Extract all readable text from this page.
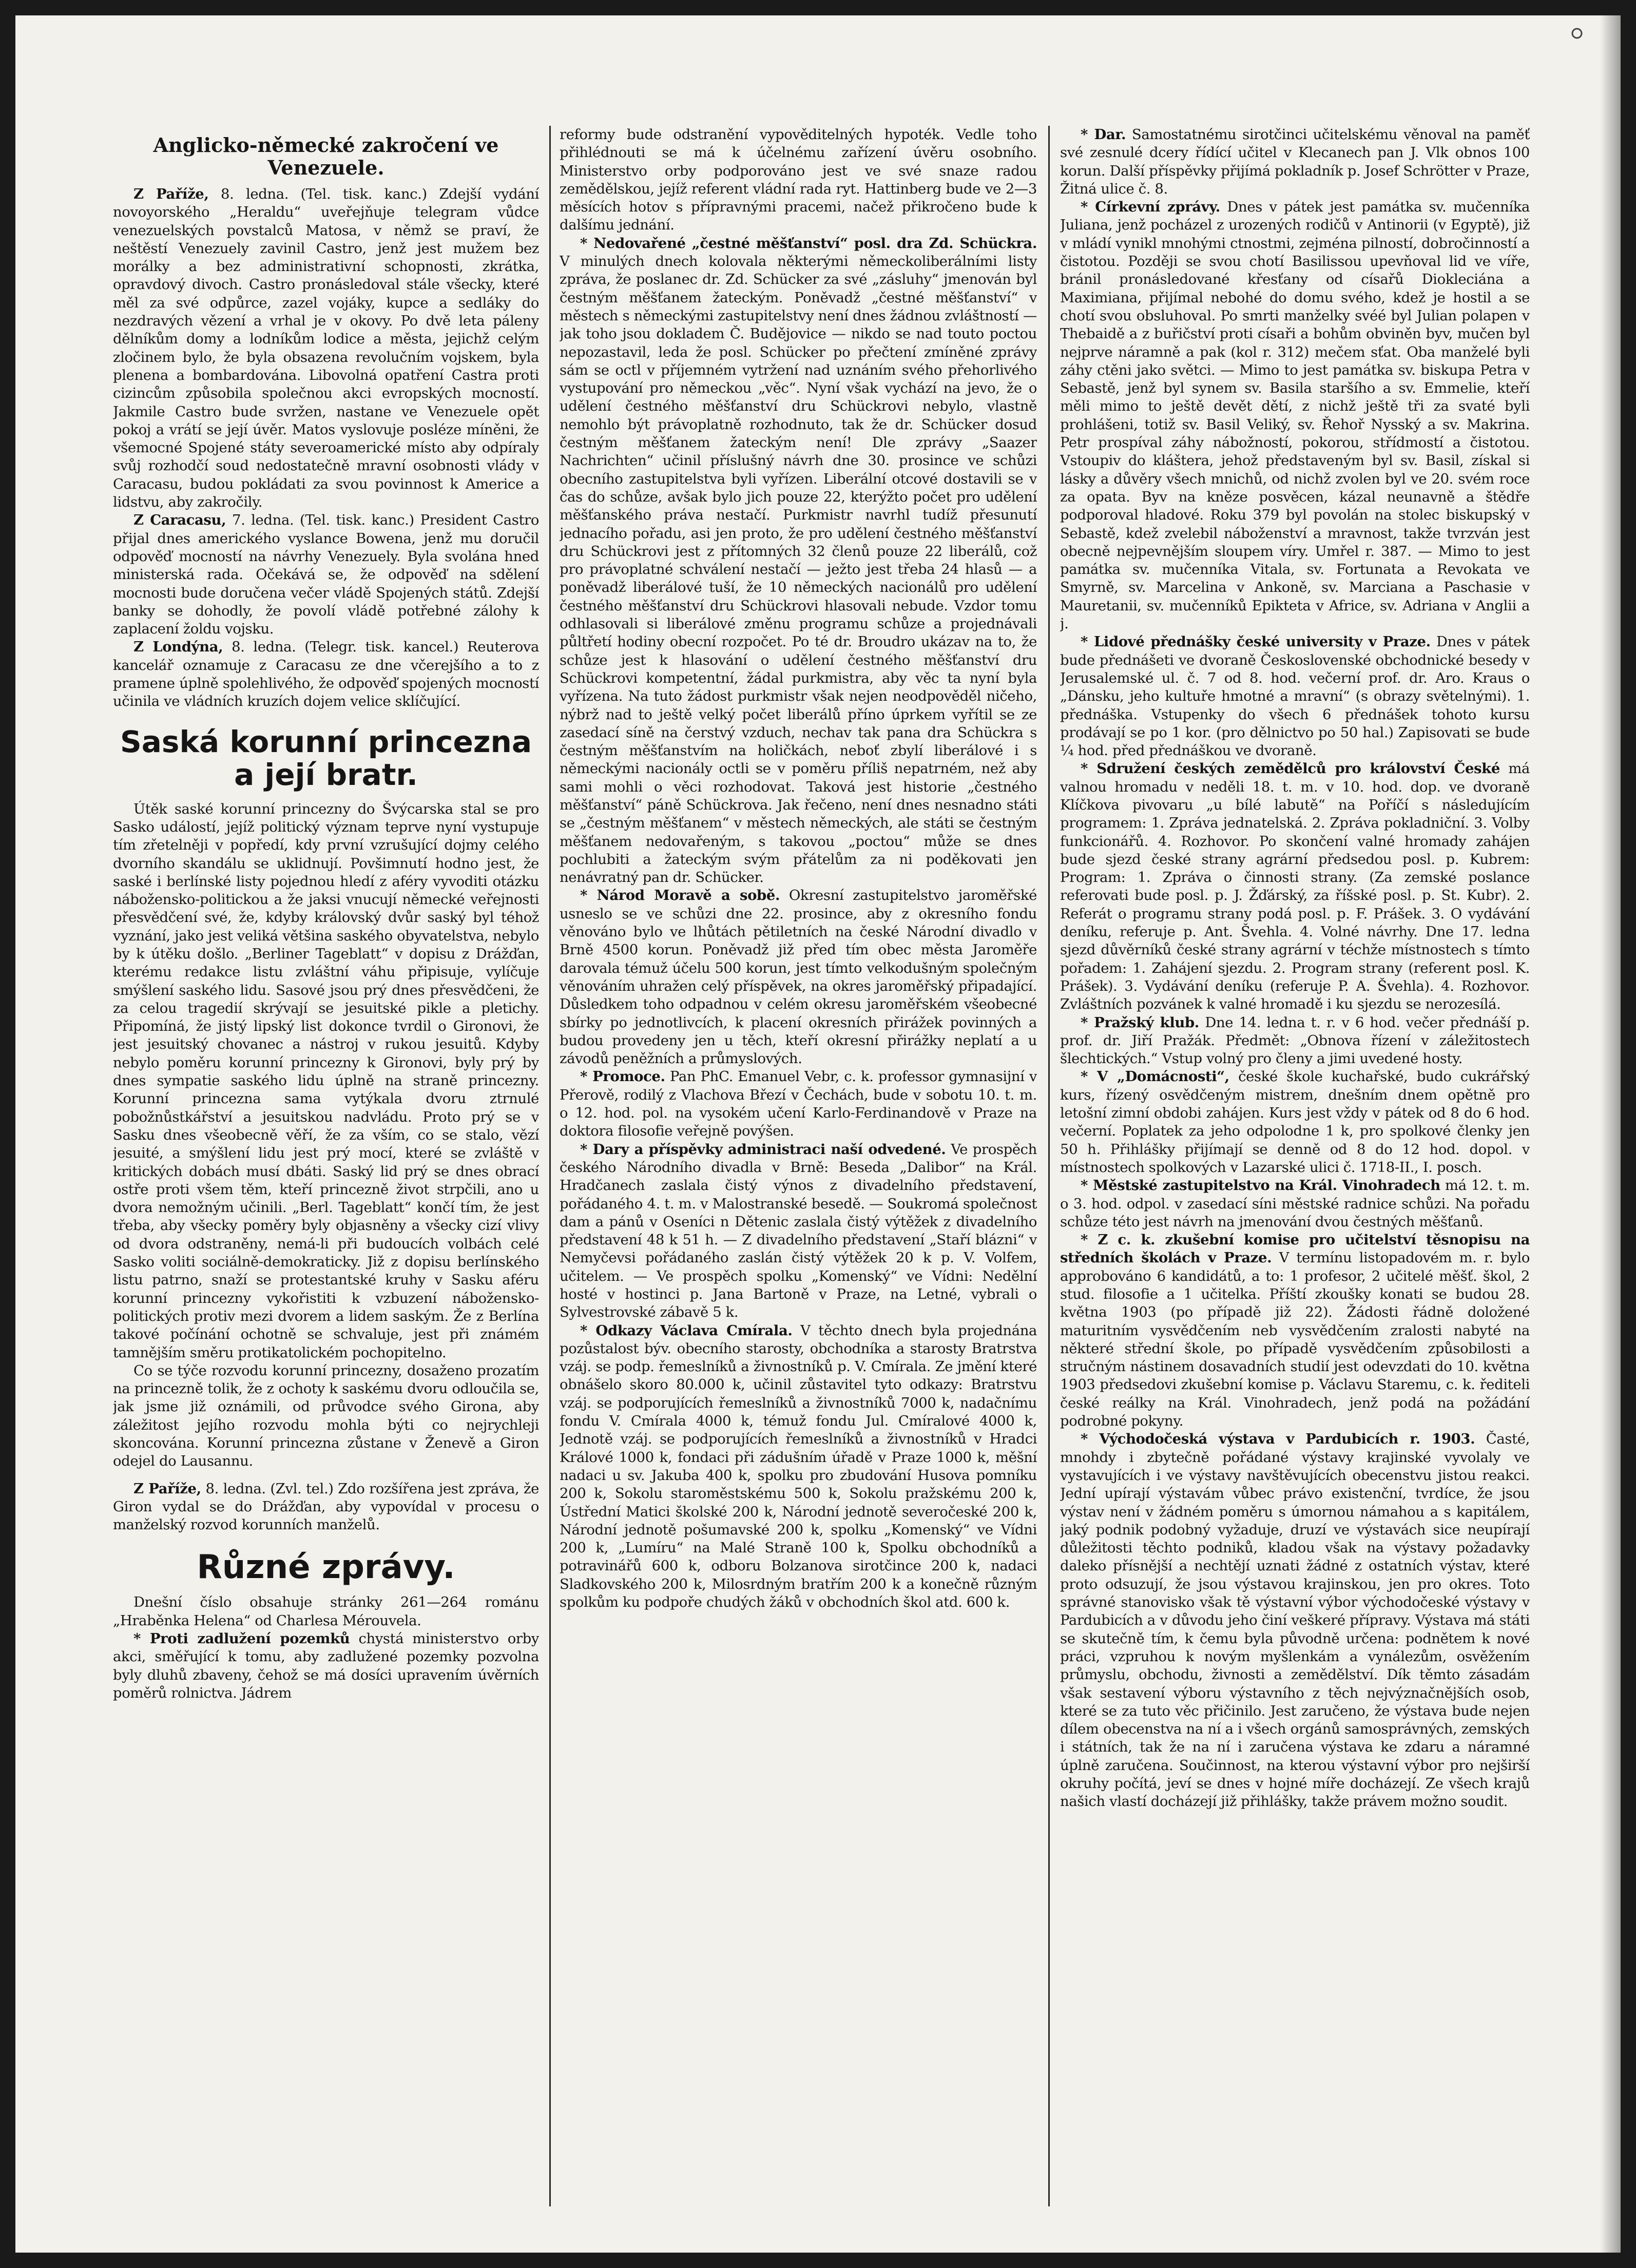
Anglicko-německé zakročení ve Venezuele.

Z Paříže, 8. ledna. (Tel. tisk. kanc.) Zdejší vydání novoyorského „Heraldu“ uveřejňuje telegram vůdce venezuelských povstalců Matosa, v němž se praví, že neštěstí Venezuely zavinil Castro, jenž jest mužem bez morálky a bez administrativní schopnosti, zkrátka, opravdový divoch. Castro pronásledoval stále všecky, které měl za své odpůrce, zazel vojáky, kupce a sedláky do nezdravých vězení a vrhal je v okovy. Po dvě leta páleny dělníkům domy a lodníkům lodice a města, jejichž celým zločinem bylo, že byla obsazena revolučním vojskem, byla plenena a bombardována. Libovolná opatření Castra proti cizincům způsobila společnou akci evropských mocností. Jakmile Castro bude svržen, nastane ve Venezuele opět pokoj a vrátí se její úvěr. Matos vyslovuje posléze míněni, že všemocné Spojené státy severoamerické místo aby odpíraly svůj rozhodčí soud nedostatečně mravní osobnosti vlády v Caracasu, budou pokládati za svou povinnost k Americe a lidstvu, aby zakročily.

Z Caracasu, 7. ledna. (Tel. tisk. kanc.) President Castro přijal dnes amerického vyslance Bowena, jenž mu doručil odpověď mocností na návrhy Venezuely. Byla svolána hned ministerská rada. Očekává se, že odpověď na sdělení mocnosti bude doručena večer vládě Spojených států. Zdejší banky se dohodly, že povolí vládě potřebné zálohy k zaplacení žoldu vojsku.

Z Londýna, 8. ledna. (Telegr. tisk. kancel.) Reuterova kancelář oznamuje z Caracasu ze dne včerejšího a to z pramene úplně spolehlivého, že odpověď spojených mocností učinila ve vládních kruzích dojem velice sklíčující.

Saská korunní princezna a její bratr.

Útěk saské korunní princezny do Švýcarska stal se pro Sasko událostí, jejíž politický význam teprve nyní vystupuje tím zřetelněji v popředí, kdy první vzrušující dojmy celého dvorního skandálu se uklidnují. Povšimnutí hodno jest, že saské i berlínské listy pojednou hledí z aféry vyvoditi otázku nábožensko-politickou a že jaksi vnucují německé veřejnosti přesvědčení své, že, kdyby královský dvůr saský byl téhož vyznání, jako jest veliká většina saského obyvatelstva, nebylo by k útěku došlo. „Berliner Tageblatt“ v dopisu z Drážďan, kterému redakce listu zvláštní váhu připisuje, vylíčuje smýšlení saského lidu. Sasové jsou prý dnes přesvědčeni, že za celou tragedií skrývají se jesuitské pikle a pletichy. Připomíná, že jistý lipský list dokonce tvrdil o Gironovi, že jest jesuitský chovanec a nástroj v rukou jesuitů. Kdyby nebylo poměru korunní princezny k Gironovi, byly prý by dnes sympatie saského lidu úplně na straně princezny. Korunní princezna sama vytýkala dvoru ztrnulé pobožnůstkářství a jesuitskou nadvládu. Proto prý se v Sasku dnes všeobecně věří, že za vším, co se stalo, vězí jesuité, a smýšlení lidu jest prý mocí, které se zvláště v kritických dobách musí dbáti. Saský lid prý se dnes obrací ostře proti všem těm, kteří princezně život strpčili, ano u dvora nemožným učinili. „Berl. Tageblatt“ končí tím, že jest třeba, aby všecky poměry byly objasněny a všecky cizí vlivy od dvora odstraněny, nemá-li při budoucích volbách celé Sasko voliti sociálně-demokraticky. Již z dopisu berlínského listu patrno, snaží se protestantské kruhy v Sasku aféru korunní princezny vykořistiti k vzbuzení nábožensko-politických protiv mezi dvorem a lidem saským. Že z Berlína takové počínání ochotně se schvaluje, jest při známém tamnějším směru protikatolickém pochopitelno.

Co se týče rozvodu korunní princezny, dosaženo prozatím na princezně tolik, že z ochoty k saskému dvoru odloučila se, jak jsme již oznámili, od průvodce svého Girona, aby záležitost jejího rozvodu mohla býti co nejrychleji skoncována. Korunní princezna zůstane v Ženevě a Giron odejel do Lausannu.

Z Paříže, 8. ledna. (Zvl. tel.) Zdo rozšířena jest zpráva, že Giron vydal se do Drážďan, aby vypovídal v procesu o manželský rozvod korunních manželů.

Různé zprávy.

Dnešní číslo obsahuje stránky 261—264 románu „Hraběnka Helena“ od Charlesa Mérouvela.

* Proti zadlužení pozemků chystá ministerstvo orby akci, směřující k tomu, aby zadlužené pozemky pozvolna byly dluhů zbaveny, čehož se má dosíci upravením úvěrních poměrů rolnictva. Jádrem

reformy bude odstranění vypověditelných hypoték. Vedle toho přihlédnouti se má k účelnému zařízení úvěru osobního. Ministerstvo orby podporováno jest ve své snaze radou zemědělskou, jejíž referent vládní rada ryt. Hattinberg bude ve 2—3 měsících hotov s přípravnými pracemi, načež přikročeno bude k dalšímu jednání.

* Nedovařené „čestné měšťanství“ posl. dra Zd. Schückra. V minulých dnech kolovala některými německoliberálními listy zpráva, že poslanec dr. Zd. Schücker za své „zásluhy“ jmenován byl čestným měšťanem žateckým. Poněvadž „čestné měšťanství“ v městech s německými zastupitelstvy není dnes žádnou zvláštností — jak toho jsou dokladem Č. Budějovice — nikdo se nad touto poctou nepozastavil, leda že posl. Schücker po přečtení zmíněné zprávy sám se octl v příjemném vytržení nad uznáním svého přehorlivého vystupování pro německou „věc“. Nyní však vychází na jevo, že o udělení čestného měšťanství dru Schückrovi nebylo, vlastně nemohlo být právoplatně rozhodnuto, tak že dr. Schücker dosud čestným měšťanem žateckým není! Dle zprávy „Saazer Nachrichten“ učinil příslušný návrh dne 30. prosince ve schůzi obecního zastupitelstva byli vyřízen. Liberální otcové dostavili se v čas do schůze, avšak bylo jich pouze 22, kterýžto počet pro udělení měšťanského práva nestačí. Purkmistr navrhl tudíž přesunutí jednacího pořadu, asi jen proto, že pro udělení čestného měšťanství dru Schückrovi jest z přítomných 32 členů pouze 22 liberálů, což pro právoplatné schválení nestačí — ježto jest třeba 24 hlasů — a poněvadž liberálové tuší, že 10 německých nacionálů pro udělení čestného měšťanství dru Schückrovi hlasovali nebude. Vzdor tomu odhlasovali si liberálové změnu programu schůze a projednávali půltřetí hodiny obecní rozpočet. Po té dr. Broudro ukázav na to, že schůze jest k hlasování o udělení čestného měšťanství dru Schückrovi kompetentní, žádal purkmistra, aby věc ta nyní byla vyřízena. Na tuto žádost purkmistr však nejen neodpověděl ničeho, nýbrž nad to ještě velký počet liberálů příno úprkem vyřítil se ze zasedací síně na čerstvý vzduch, nechav tak pana dra Schückra s čestným měšťanstvím na holičkách, neboť zbylí liberálové i s německými nacionály octli se v poměru příliš nepatrném, než aby sami mohli o věci rozhodovat. Taková jest historie „čestného měšťanství“ páně Schückrova. Jak řečeno, není dnes nesnadno státi se „čestným měšťanem“ v městech německých, ale státi se čestným měšťanem nedovařeným, s takovou „poctou“ může se dnes pochlubiti a žateckým svým přátelům za ni poděkovati jen nenávratný pan dr. Schücker.

* Národ Moravě a sobě. Okresní zastupitelstvo jaroměřské usneslo se ve schůzi dne 22. prosince, aby z okresního fondu věnováno bylo ve lhůtách pětiletních na české Národní divadlo v Brně 4500 korun. Poněvadž již před tím obec města Jaroměře darovala témuž účelu 500 korun, jest tímto velkodušným společným věnováním uhražen celý příspěvek, na okres jaroměřský připadající. Důsledkem toho odpadnou v celém okresu jaroměřském všeobecné sbírky po jednotlivcích, k placení okresních přirážek povinných a budou provedeny jen u těch, kteří okresní přirážky neplatí a u závodů peněžních a průmyslových.

* Promoce. Pan PhC. Emanuel Vebr, c. k. professor gymnasijní v Přerově, rodilý z Vlachova Březí v Čechách, bude v sobotu 10. t. m. o 12. hod. pol. na vysokém učení Karlo-Ferdinandově v Praze na doktora filosofie veřejně povýšen.

* Dary a příspěvky administraci naší odvedené. Ve prospěch českého Národního divadla v Brně: Beseda „Dalibor“ na Král. Hradčanech zaslala čistý výnos z divadelního představení, pořádaného 4. t. m. v Malostranské besedě. — Soukromá společnost dam a pánů v Oseníci n Dětenic zaslala čistý výtěžek z divadelního představení 48 k 51 h. — Z divadelního představení „Staří blázni“ v Nemyčevsi pořádaného zaslán čistý výtěžek 20 k p. V. Volfem, učitelem. — Ve prospěch spolku „Komenský“ ve Vídni: Nedělní hosté v hostinci p. Jana Bartoně v Praze, na Letné, vybrali o Sylvestrovské zábavě 5 k.

* Odkazy Václava Cmírala. V těchto dnech byla projednána pozůstalost býv. obecního starosty, obchodníka a starosty Bratrstva vzáj. se podp. řemeslníků a živnostníků p. V. Cmírala. Ze jmění které obnášelo skoro 80.000 k, učinil zůstavitel tyto odkazy: Bratrstvu vzáj. se podporujících řemeslníků a živnostníků 7000 k, nadačnímu fondu V. Cmírala 4000 k, témuž fondu Jul. Cmíralové 4000 k, Jednotě vzáj. se podporujících řemeslníků a živnostníků v Hradci Králové 1000 k, fondaci při zádušním úřadě v Praze 1000 k, měšní nadaci u sv. Jakuba 400 k, spolku pro zbudování Husova pomníku 200 k, Sokolu staroměstskému 500 k, Sokolu pražskému 200 k, Ústřední Matici školské 200 k, Národní jednotě severočeské 200 k, Národní jednotě pošumavské 200 k, spolku „Komenský“ ve Vídni 200 k, „Lumíru“ na Malé Straně 100 k, Spolku obchodníků a potravinářů 600 k, odboru Bolzanova sirotčince 200 k, nadaci Sladkovského 200 k, Milosrdným bratřím 200 k a konečně různým spolkům ku podpoře chudých žáků v obchodních škol atd. 600 k.

* Dar. Samostatnému sirotčinci učitelskému věnoval na paměť své zesnulé dcery řídící učitel v Klecanech pan J. Vlk obnos 100 korun. Další příspěvky přijímá pokladník p. Josef Schrötter v Praze, Žitná ulice č. 8.

* Církevní zprávy. Dnes v pátek jest památka sv. mučenníka Juliana, jenž pocházel z urozených rodičů v Antinorii (v Egyptě), již v mládí vynikl mnohými ctnostmi, zejména pilností, dobročinností a čistotou. Později se svou chotí Basilissou upevňoval lid ve víře, bránil pronásledované křesťany od císařů Diokleciána a Maximiana, přijímal nebohé do domu svého, kdež je hostil a se chotí svou obsluhoval. Po smrti manželky svéé byl Julian polapen v Thebaidě a z buřičství proti císaři a bohům obviněn byv, mučen byl nejprve náramně a pak (kol r. 312) mečem sťat. Oba manželé byli záhy ctěni jako světci. — Mimo to jest památka sv. biskupa Petra v Sebastě, jenž byl synem sv. Basila staršího a sv. Emmelie, kteří měli mimo to ještě devět dětí, z nichž ještě tři za svaté byli prohlášeni, totiž sv. Basil Veliký, sv. Řehoř Nysský a sv. Makrina. Petr prospíval záhy nábožností, pokorou, střídmostí a čistotou. Vstoupiv do kláštera, jehož představeným byl sv. Basil, získal si lásky a důvěry všech mnichů, od nichž zvolen byl ve 20. svém roce za opata. Byv na kněze posvěcen, kázal neunavně a štědře podporoval hladové. Roku 379 byl povolán na stolec biskupský v Sebastě, kdež zvelebil náboženství a mravnost, takže tvrzván jest obecně nejpevnějším sloupem víry. Umřel r. 387. — Mimo to jest památka sv. mučenníka Vitala, sv. Fortunata a Revokata ve Smyrně, sv. Marcelina v Ankoně, sv. Marciana a Paschasie v Mauretanii, sv. mučenníků Epikteta v Africe, sv. Adriana v Anglii a j.

* Lidové přednášky české university v Praze. Dnes v pátek bude přednášeti ve dvoraně Československé obchodnické besedy v Jerusalemské ul. č. 7 od 8. hod. večerní prof. dr. Aro. Kraus o „Dánsku, jeho kultuře hmotné a mravní“ (s obrazy světelnými). 1. přednáška. Vstupenky do všech 6 přednášek tohoto kursu prodávají se po 1 kor. (pro dělnictvo po 50 hal.) Zapisovati se bude ¼ hod. před přednáškou ve dvoraně.

* Sdružení českých zemědělců pro království České má valnou hromadu v neděli 18. t. m. v 10. hod. dop. ve dvoraně Klíčkova pivovaru „u bílé labutě“ na Poříčí s následujícím programem: 1. Zpráva jednatelská. 2. Zpráva pokladniční. 3. Volby funkcionářů. 4. Rozhovor. Po skončení valné hromady zahájen bude sjezd české strany agrární předsedou posl. p. Kubrem: Program: 1. Zpráva o činnosti strany. (Za zemské poslance referovati bude posl. p. J. Žďárský, za říšské posl. p. St. Kubr). 2. Referát o programu strany podá posl. p. F. Prášek. 3. O vydávání deníku, referuje p. Ant. Švehla. 4. Volné návrhy. Dne 17. ledna sjezd důvěrníků české strany agrární v téchže místnostech s tímto pořadem: 1. Zahájení sjezdu. 2. Program strany (referent posl. K. Prášek). 3. Vydávání deníku (referuje P. A. Švehla). 4. Rozhovor. Zvláštních pozvánek k valné hromadě i ku sjezdu se nerozesílá.

* Pražský klub. Dne 14. ledna t. r. v 6 hod. večer přednáší p. prof. dr. Jiří Pražák. Předmět: „Obnova řízení v záležitostech šlechtických.“ Vstup volný pro členy a jimi uvedené hosty.

* V „Domácnosti“, české škole kuchařské, budo cukrářský kurs, řízený osvědčeným mistrem, dnešním dnem opětně pro letošní zimní obdobi zahájen. Kurs jest vždy v pátek od 8 do 6 hod. večerní. Poplatek za jeho odpolodne 1 k, pro spolkové členky jen 50 h. Přihlášky přijímají se denně od 8 do 12 hod. dopol. v místnostech spolkových v Lazarské ulici č. 1718-II., I. posch.

* Městské zastupitelstvo na Král. Vinohradech má 12. t. m. o 3. hod. odpol. v zasedací síni městské radnice schůzi. Na pořadu schůze této jest návrh na jmenování dvou čestných měšťanů.

* Z c. k. zkušební komise pro učitelství těsnopisu na středních školách v Praze. V termínu listopadovém m. r. bylo approbováno 6 kandidátů, a to: 1 profesor, 2 učitelé měšť. škol, 2 stud. filosofie a 1 učitelka. Příští zkoušky konati se budou 28. května 1903 (po případě již 22). Žádosti řádně doložené maturitním vysvědčením neb vysvědčením zralosti nabyté na některé střední škole, po případě vysvědčením způsobilosti a stručným nástinem dosavadních studií jest odevzdati do 10. května 1903 předsedovi zkušební komise p. Václavu Staremu, c. k. řediteli české reálky na Král. Vinohradech, jenž podá na požádání podrobné pokyny.

* Východočeská výstava v Pardubicích r. 1903. Časté, mnohdy i zbytečně pořádané výstavy krajinské vyvolaly ve vystavujících i ve výstavy navštěvujících obecenstvu jistou reakci. Jední upírají výstavám vůbec právo existenční, tvrdíce, že jsou výstav není v žádném poměru s úmornou námahou a s kapitálem, jaký podnik podobný vyžaduje, druzí ve výstavách sice neupírají důležitosti těchto podniků, kladou však na výstavy požadavky daleko přísnější a nechtějí uznati žádné z ostatních výstav, které proto odsuzují, že jsou výstavou krajinskou, jen pro okres. Toto správné stanovisko však tě výstavní výbor východočeské výstavy v Pardubicích a v důvodu jeho činí veškeré přípravy. Výstava má státi se skutečně tím, k čemu byla původně určena: podnětem k nové práci, vzpruhou k novým myšlenkám a vynálezům, osvěžením průmyslu, obchodu, živnosti a zemědělství. Dík těmto zásadám však sestavení výboru výstavního z těch nejvýznačnějších osob, které se za tuto věc přičinilo. Jest zaručeno, že výstava bude nejen dílem obecenstva na ní a i všech orgánů samosprávných, zemských i státních, tak že na ní i zaručena výstava ke zdaru a náramné úplně zaručena. Součinnost, na kterou výstavní výbor pro nejširší okruhy počítá, jeví se dnes v hojné míře docházejí. Ze všech krajů našich vlastí docházejí již přihlášky, takže právem možno soudit.
